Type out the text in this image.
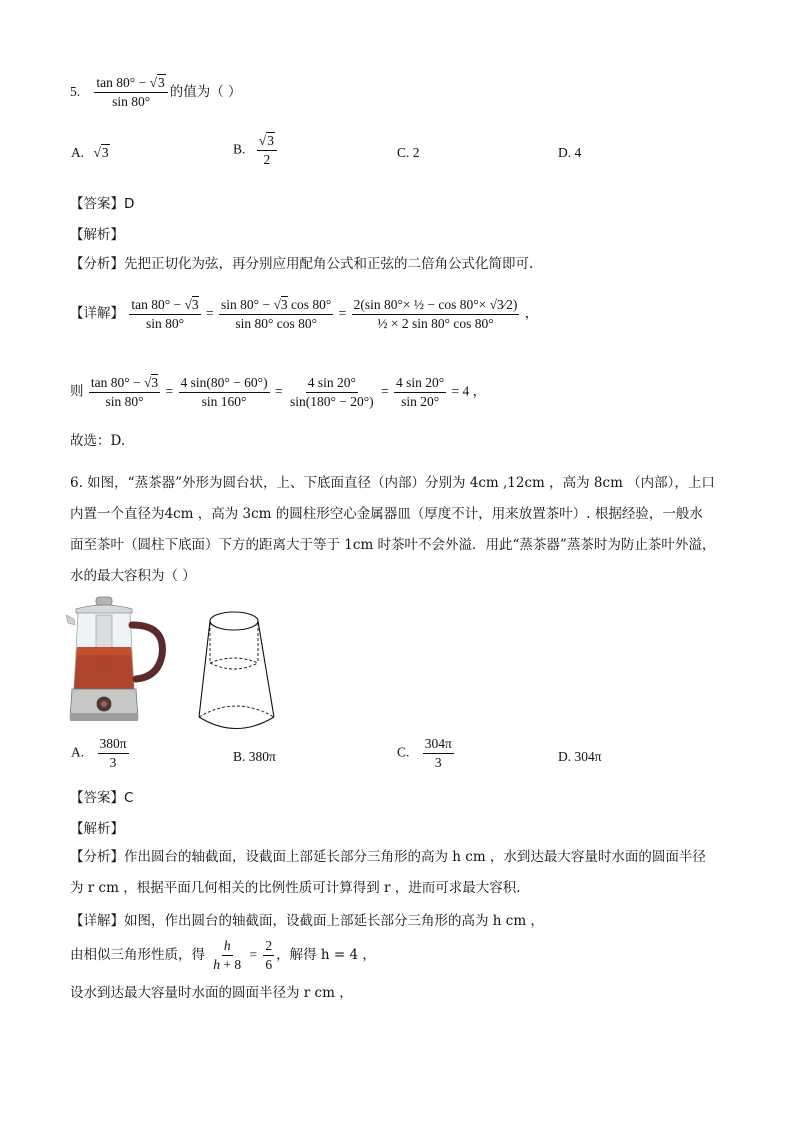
5. $\frac{\tan 80^\circ - √3}{\sin 80^\circ}$ 的值为（ ）
A. √3	B. $\frac{√3}{2}$	C. 2	D. 4
【答案】D
【解析】
【分析】先把正切化为弦，再分别应用配角公式和正弦的二倍角公式化简即可.
【详解】 $\frac{\tan 80^\circ - √3}{\sin 80^\circ} = \frac{\sin 80^\circ - √3 \cos 80^\circ}{\sin 80^\circ \cos 80^\circ} = \frac{\text{2(sin 80°× ½ − cos 80°× √3⁄2)}}{\text{½ × 2 sin 80° cos 80°}}$ ，
则 $\frac{\tan 80^\circ - √3}{\sin 80^\circ} = \frac{4 \sin(80^\circ - 60^\circ)}{\sin 160^\circ} = \frac{4 \sin 20^\circ}{\sin(180^\circ - 20^\circ)} = \frac{4 \sin 20^\circ}{\sin 20^\circ} = 4$ ，
故选：D.
6. 如图，“蒸茶器”外形为圆台状，上、下底面直径（内部）分别为 4cm ,12cm ，高为 8cm （内部），上口
内置一个直径为4cm ，高为 3cm 的圆柱形空心金属器皿（厚度不计，用来放置茶叶）. 根据经验，一般水
面至茶叶（圆柱下底面）下方的距离大于等于 1cm 时茶叶不会外溢．用此“蒸茶器”蒸茶时为防止茶叶外溢，
水的最大容积为（ ）
A. $\frac{380\pi}{3}$	B. 380π	C. $\frac{304\pi}{3}$	D. 304π
【答案】C
【解析】
【分析】作出圆台的轴截面，设截面上部延长部分三角形的高为 h cm ，水到达最大容量时水面的圆面半径
为 r cm ，根据平面几何相关的比例性质可计算得到 r ，进而可求最大容积.
【详解】如图，作出圆台的轴截面，设截面上部延长部分三角形的高为 h cm ，
由相似三角形性质，得 $\frac{h}{h + 8} = \frac{2}{6}$ ，解得 h = 4 ，
设水到达最大容量时水面的圆面半径为 r cm ，
